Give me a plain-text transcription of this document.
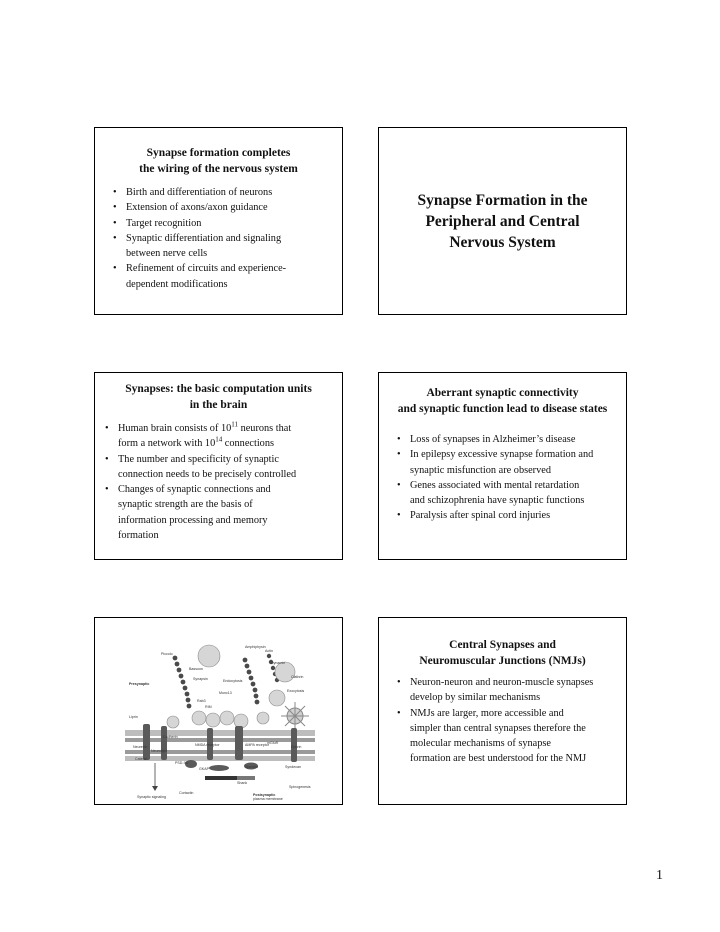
Synapse formation completes
the wiring of the nervous system
• Birth and differentiation of neurons
• Extension of axons/axon guidance
• Target recognition
• Synaptic differentiation and signaling
between nerve cells
• Refinement of circuits and experience-
dependent modifications
Synapse Formation in the
Peripheral and Central
Nervous System
Synapses: the basic computation units
in the brain
• Human brain consists of $10^{11}$ neurons that
form a network with $10^{14}$ connections
• The number and specificity of synaptic
connection needs to be precisely controlled
• Changes of synaptic connections and
synaptic strength are the basis of
information processing and memory
formation
Aberrant synaptic connectivity
and synaptic function lead to disease states
• Loss of synapses in Alzheimer’s disease
• In epilepsy excessive synapse formation and
synaptic misfunction are observed
• Genes associated with mental retardation
and schizophrenia have synaptic functions
• Paralysis after spinal cord injuries
Presynaptic
Postsynaptic
plasma membrane
Piccolo
Bassoon
Synapsin
Rab3
RIM
Munc13
Neurexin
Neuroligin
Actin
Spectrin
Homer
Shank
GKAP
PSD-95
NMDA receptor	AMPA receptor
mGluR
Liprin
Cortactin
Ephrin
Syndecan
Cadherin
Catenin
Synaptic signaling
Endocytosis
Exocytosis
Clathrin
Dynamin
Amphiphysin
Spinogenesis
Central Synapses and
Neuromuscular Junctions (NMJs)
• Neuron-neuron and neuron-muscle synapses
develop by similar mechanisms
• NMJs are larger, more accessible and
simpler than central synapses therefore the
molecular mechanisms of synapse
formation are best understood for the NMJ
1
